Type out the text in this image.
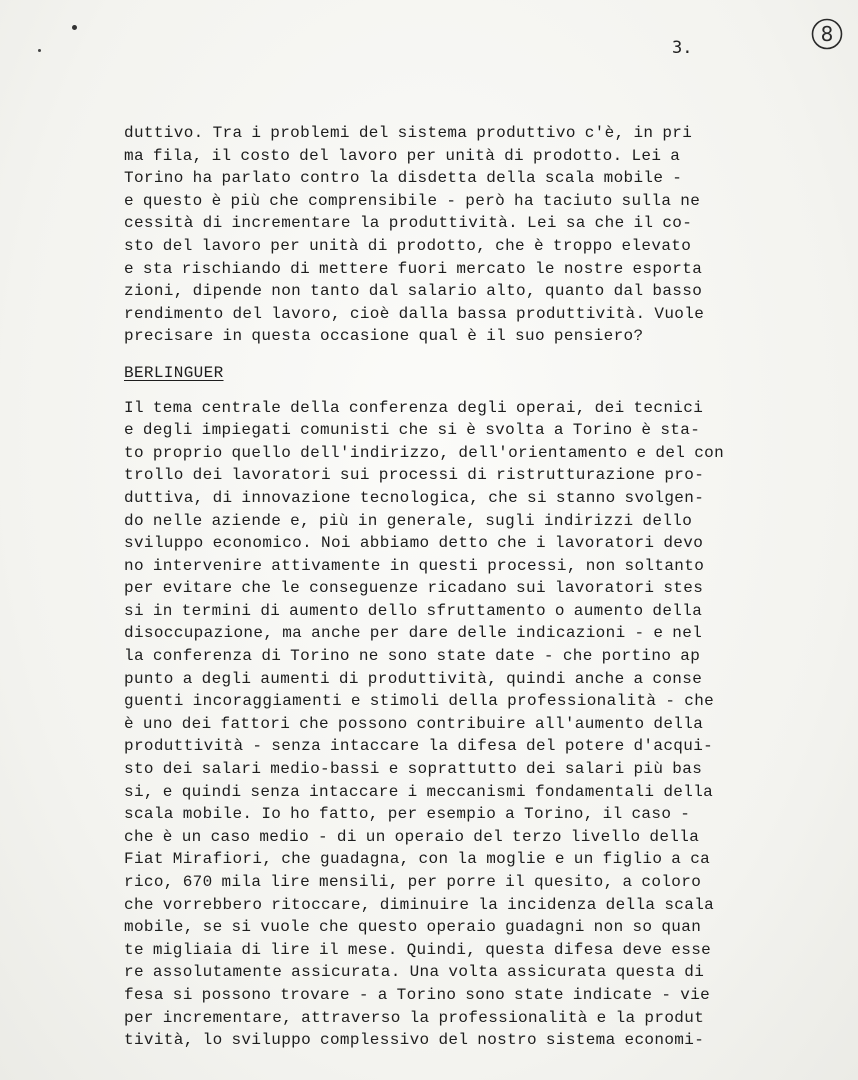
3.
8
duttivo. Tra i problemi del sistema produttivo c'è, in pri
ma fila, il costo del lavoro per unità di prodotto. Lei a
Torino ha parlato contro la disdetta della scala mobile -
e questo è più che comprensibile - però ha taciuto sulla ne
cessità di incrementare la produttività. Lei sa che il co-
sto del lavoro per unità di prodotto, che è troppo elevato
e sta rischiando di mettere fuori mercato le nostre esporta
zioni, dipende non tanto dal salario alto, quanto dal basso
rendimento del lavoro, cioè dalla bassa produttività. Vuole
precisare in questa occasione qual è il suo pensiero?
BERLINGUER
Il tema centrale della conferenza degli operai, dei tecnici
e degli impiegati comunisti che si è svolta a Torino è sta-
to proprio quello dell'indirizzo, dell'orientamento e del con
trollo dei lavoratori sui processi di ristrutturazione pro-
duttiva, di innovazione tecnologica, che si stanno svolgen-
do nelle aziende e, più in generale, sugli indirizzi dello
sviluppo economico. Noi abbiamo detto che i lavoratori devo
no intervenire attivamente in questi processi, non soltanto
per evitare che le conseguenze ricadano sui lavoratori stes
si in termini di aumento dello sfruttamento o aumento della
disoccupazione, ma anche per dare delle indicazioni - e nel
la conferenza di Torino ne sono state date - che portino ap
punto a degli aumenti di produttività, quindi anche a conse
guenti incoraggiamenti e stimoli della professionalità - che
è uno dei fattori che possono contribuire all'aumento della
produttività - senza intaccare la difesa del potere d'acqui-
sto dei salari medio-bassi e soprattutto dei salari più bas
si, e quindi senza intaccare i meccanismi fondamentali della
scala mobile. Io ho fatto, per esempio a Torino, il caso -
che è un caso medio - di un operaio del terzo livello della
Fiat Mirafiori, che guadagna, con la moglie e un figlio a ca
rico, 670 mila lire mensili, per porre il quesito, a coloro
che vorrebbero ritoccare, diminuire la incidenza della scala
mobile, se si vuole che questo operaio guadagni non so quan
te migliaia di lire il mese. Quindi, questa difesa deve esse
re assolutamente assicurata. Una volta assicurata questa di
fesa si possono trovare - a Torino sono state indicate - vie
per incrementare, attraverso la professionalità e la produt
tività, lo sviluppo complessivo del nostro sistema economi-
